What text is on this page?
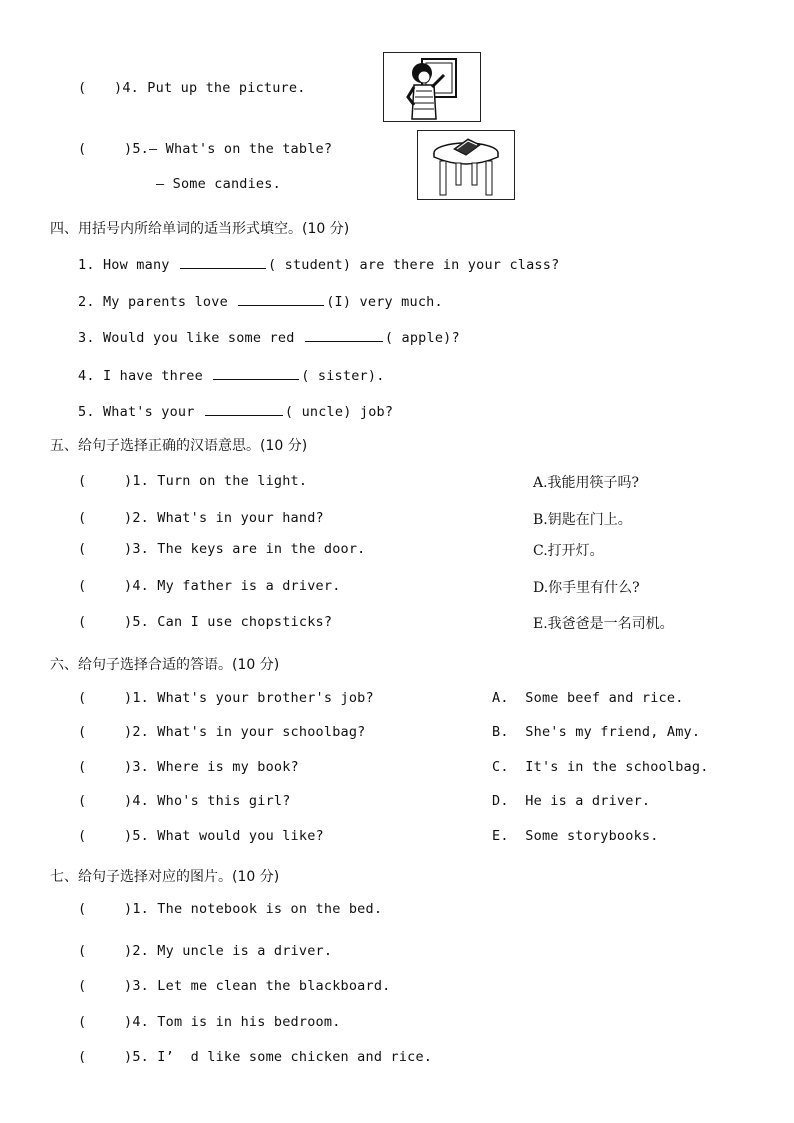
( )4. Put up the picture.
(	)5.— What's on the table?
— Some candies.
四、用括号内所给单词的适当形式填空。(10 分)
1. How many	( student) are there in your class?
2. My parents love	(I) very much.
3. Would you like some red	( apple)?
4. I have three	( sister).
5. What's your	( uncle) job?
五、给句子选择正确的汉语意思。(10 分)
(	)1. Turn on the light.	A.我能用筷子吗?
(	)2. What's in your hand?	B.钥匙在门上。
(	)3. The keys are in the door.	C.打开灯。
(	)4. My father is a driver.	D.你手里有什么?
(	)5. Can I use chopsticks?	E.我爸爸是一名司机。
六、给句子选择合适的答语。(10 分)
(	)1. What's your brother's job?	A.  Some beef and rice.
(	)2. What's in your schoolbag?	B.  She's my friend, Amy.
(	)3. Where is my book?	C.  It's in the schoolbag.
(	)4. Who's this girl?	D.  He is a driver.
(	)5. What would you like?	E.  Some storybooks.
七、给句子选择对应的图片。(10 分)
(	)1. The notebook is on the bed.
(	)2. My uncle is a driver.
(	)3. Let me clean the blackboard.
(	)4. Tom is in his bedroom.
(	)5. I’  d like some chicken and rice.
